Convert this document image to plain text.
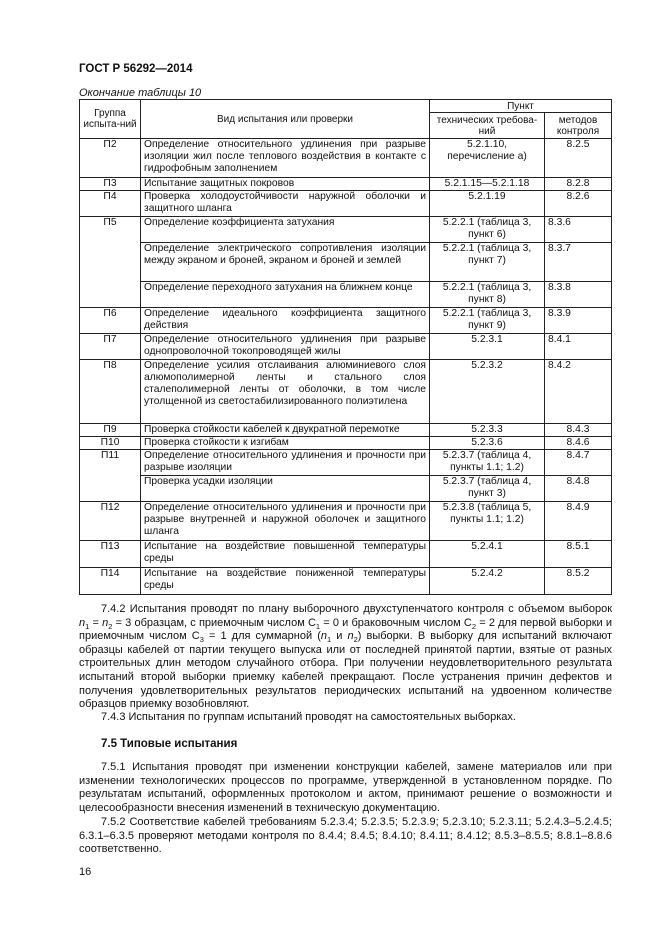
ГОСТ Р 56292—2014
Окончание таблицы 10
Группа испыта-ний	Вид испытания или проверки	Пункт	
		технических требова-ний	методов контроля
П2	Определение относительного удлинения при разрыве изоляции жил после теплового воздействия в контакте с гидрофобным заполнением	5.2.1.10, перечисление а)	8.2.5
П3	Испытание защитных покровов	5.2.1.15—5.2.1.18	8.2.8
П4	Проверка холодоустойчивости наружной оболочки и защитного шланга	5.2.1.19	8.2.6
П5	Определение коэффициента затухания	5.2.2.1 (таблица 3, пункт 6)	8.3.6
	Определение электрического сопротивления изоляции между экраном и броней, экраном и броней и землей	5.2.2.1 (таблица 3, пункт 7)	8.3.7
	Определение переходного затухания на ближнем конце	5.2.2.1 (таблица 3, пункт 8)	8.3.8
П6	Определение идеального коэффициента защитного действия	5.2.2.1 (таблица 3, пункт 9)	8.3.9
П7	Определение относительного удлинения при разрыве однопроволочной токопроводящей жилы	5.2.3.1	8.4.1
П8	Определение усилия отслаивания алюминиевого слоя алюмополимерной ленты и стального слоя сталеполимерной ленты от оболочки, в том числе утолщенной из светостабилизированного полиэтилена	5.2.3.2	8.4.2
П9	Проверка стойкости кабелей к двукратной перемотке	5.2.3.3	8.4.3
П10	Проверка стойкости к изгибам	5.2.3.6	8.4.6
П11	Определение относительного удлинения и прочности при разрыве изоляции	5.2.3.7 (таблица 4, пункты 1.1; 1.2)	8.4.7
	Проверка усадки изоляции	5.2.3.7 (таблица 4, пункт 3)	8.4.8
П12	Определение относительного удлинения и прочности при разрыве внутренней и наружной оболочек и защитного шланга	5.2.3.8 (таблица 5, пункты 1.1; 1.2)	8.4.9
П13	Испытание на воздействие повышенной температуры среды	5.2.4.1	8.5.1
П14	Испытание на воздействие пониженной температуры среды	5.2.4.2	8.5.2

7.4.2 Испытания проводят по плану выборочного двухступенчатого контроля с объемом выборок $n_1 = n_2 = 3$ образцам, с приемочным числом $C_1 = 0$ и браковочным числом $C_2 = 2$ для первой выборки и приемочным числом $C_3 = 1$ для суммарной ($n_1$ и $n_2$) выборки. В выборку для испытаний включают образцы кабелей от партии текущего выпуска или от последней принятой партии, взятые от разных строительных длин методом случайного отбора. При получении неудовлетворительного результата испытаний второй выборки приемку кабелей прекращают. После устранения причин дефектов и получения удовлетворительных результатов периодических испытаний на удвоенном количестве образцов приемку возобновляют.

7.4.3 Испытания по группам испытаний проводят на самостоятельных выборках.

7.5 Типовые испытания

7.5.1 Испытания проводят при изменении конструкции кабелей, замене материалов или при изменении технологических процессов по программе, утвержденной в установленном порядке. По результатам испытаний, оформленных протоколом и актом, принимают решение о возможности и целесообразности внесения изменений в техническую документацию.

7.5.2 Соответствие кабелей требованиям 5.2.3.4; 5.2.3.5; 5.2.3.9; 5.2.3.10; 5.2.3.11; 5.2.4.3–5.2.4.5; 6.3.1–6.3.5 проверяют методами контроля по 8.4.4; 8.4.5; 8.4.10; 8.4.11; 8.4.12; 8.5.3–8.5.5; 8.8.1–8.8.6 соответственно.

16
